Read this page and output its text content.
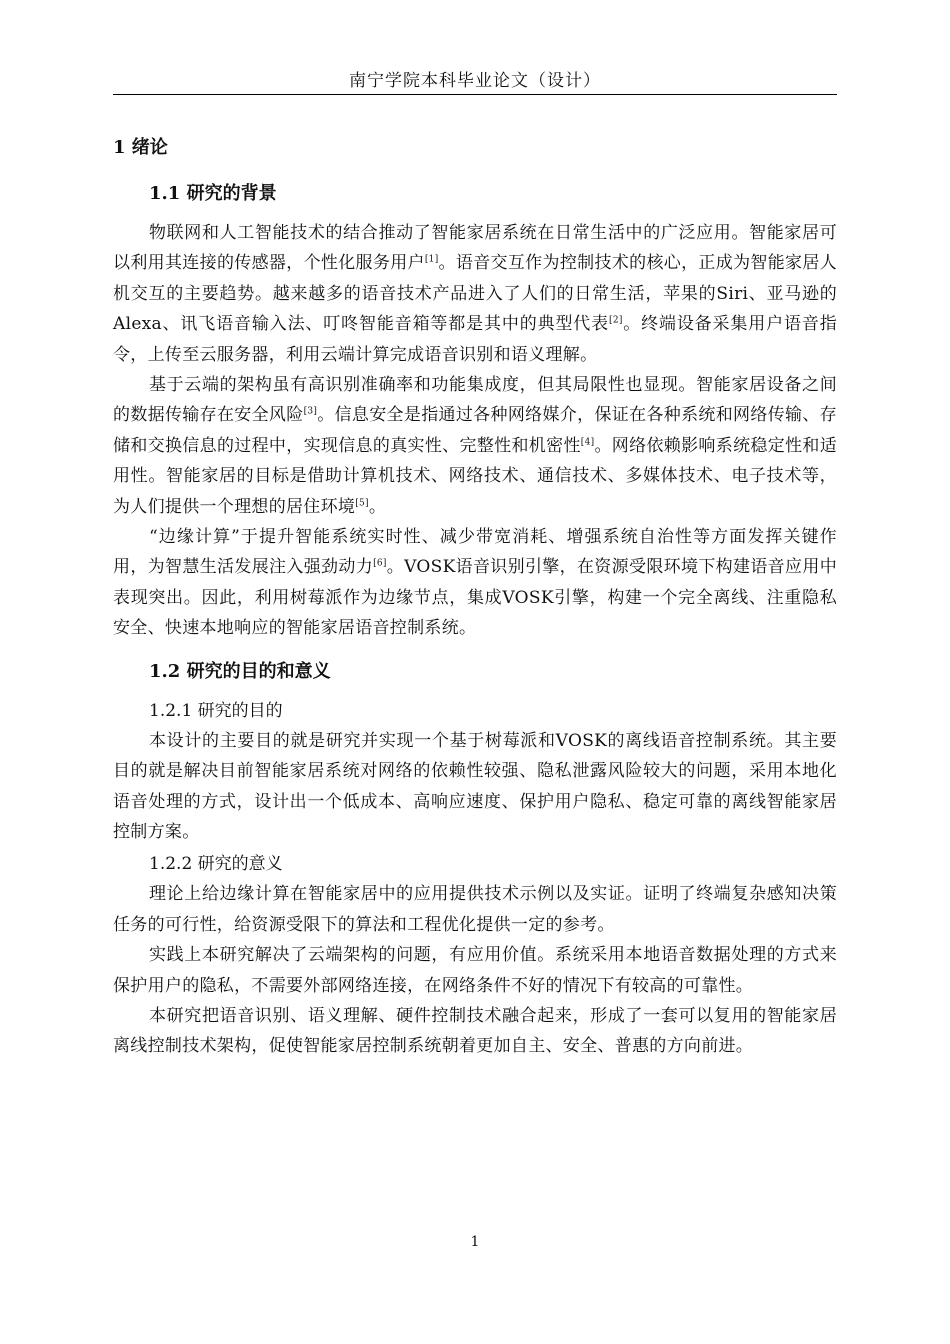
南宁学院本科毕业论文（设计）
1 绪论
1.1 研究的背景

物联网和人工智能技术的结合推动了智能家居系统在日常生活中的广泛应用。智能家居可以利用其连接的传感器，个性化服务用户[1]。语音交互作为控制技术的核心，正成为智能家居人机交互的主要趋势。越来越多的语音技术产品进入了人们的日常生活，苹果的Siri、亚马逊的Alexa、讯飞语音输入法、叮咚智能音箱等都是其中的典型代表[2]。终端设备采集用户语音指令，上传至云服务器，利用云端计算完成语音识别和语义理解。

基于云端的架构虽有高识别准确率和功能集成度，但其局限性也显现。智能家居设备之间的数据传输存在安全风险[3]。信息安全是指通过各种网络媒介，保证在各种系统和网络传输、存储和交换信息的过程中，实现信息的真实性、完整性和机密性[4]。网络依赖影响系统稳定性和适用性。智能家居的目标是借助计算机技术、网络技术、通信技术、多媒体技术、电子技术等，为人们提供一个理想的居住环境[5]。

“边缘计算”于提升智能系统实时性、减少带宽消耗、增强系统自治性等方面发挥关键作用，为智慧生活发展注入强劲动力[6]。VOSK语音识别引擎，在资源受限环境下构建语音应用中表现突出。因此，利用树莓派作为边缘节点，集成VOSK引擎，构建一个完全离线、注重隐私安全、快速本地响应的智能家居语音控制系统。

1.2 研究的目的和意义
1.2.1 研究的目的

本设计的主要目的就是研究并实现一个基于树莓派和VOSK的离线语音控制系统。其主要目的就是解决目前智能家居系统对网络的依赖性较强、隐私泄露风险较大的问题，采用本地化语音处理的方式，设计出一个低成本、高响应速度、保护用户隐私、稳定可靠的离线智能家居控制方案。

1.2.2 研究的意义

理论上给边缘计算在智能家居中的应用提供技术示例以及实证。证明了终端复杂感知决策任务的可行性，给资源受限下的算法和工程优化提供一定的参考。

实践上本研究解决了云端架构的问题，有应用价值。系统采用本地语音数据处理的方式来保护用户的隐私，不需要外部网络连接，在网络条件不好的情况下有较高的可靠性。

本研究把语音识别、语义理解、硬件控制技术融合起来，形成了一套可以复用的智能家居离线控制技术架构，促使智能家居控制系统朝着更加自主、安全、普惠的方向前进。

1
